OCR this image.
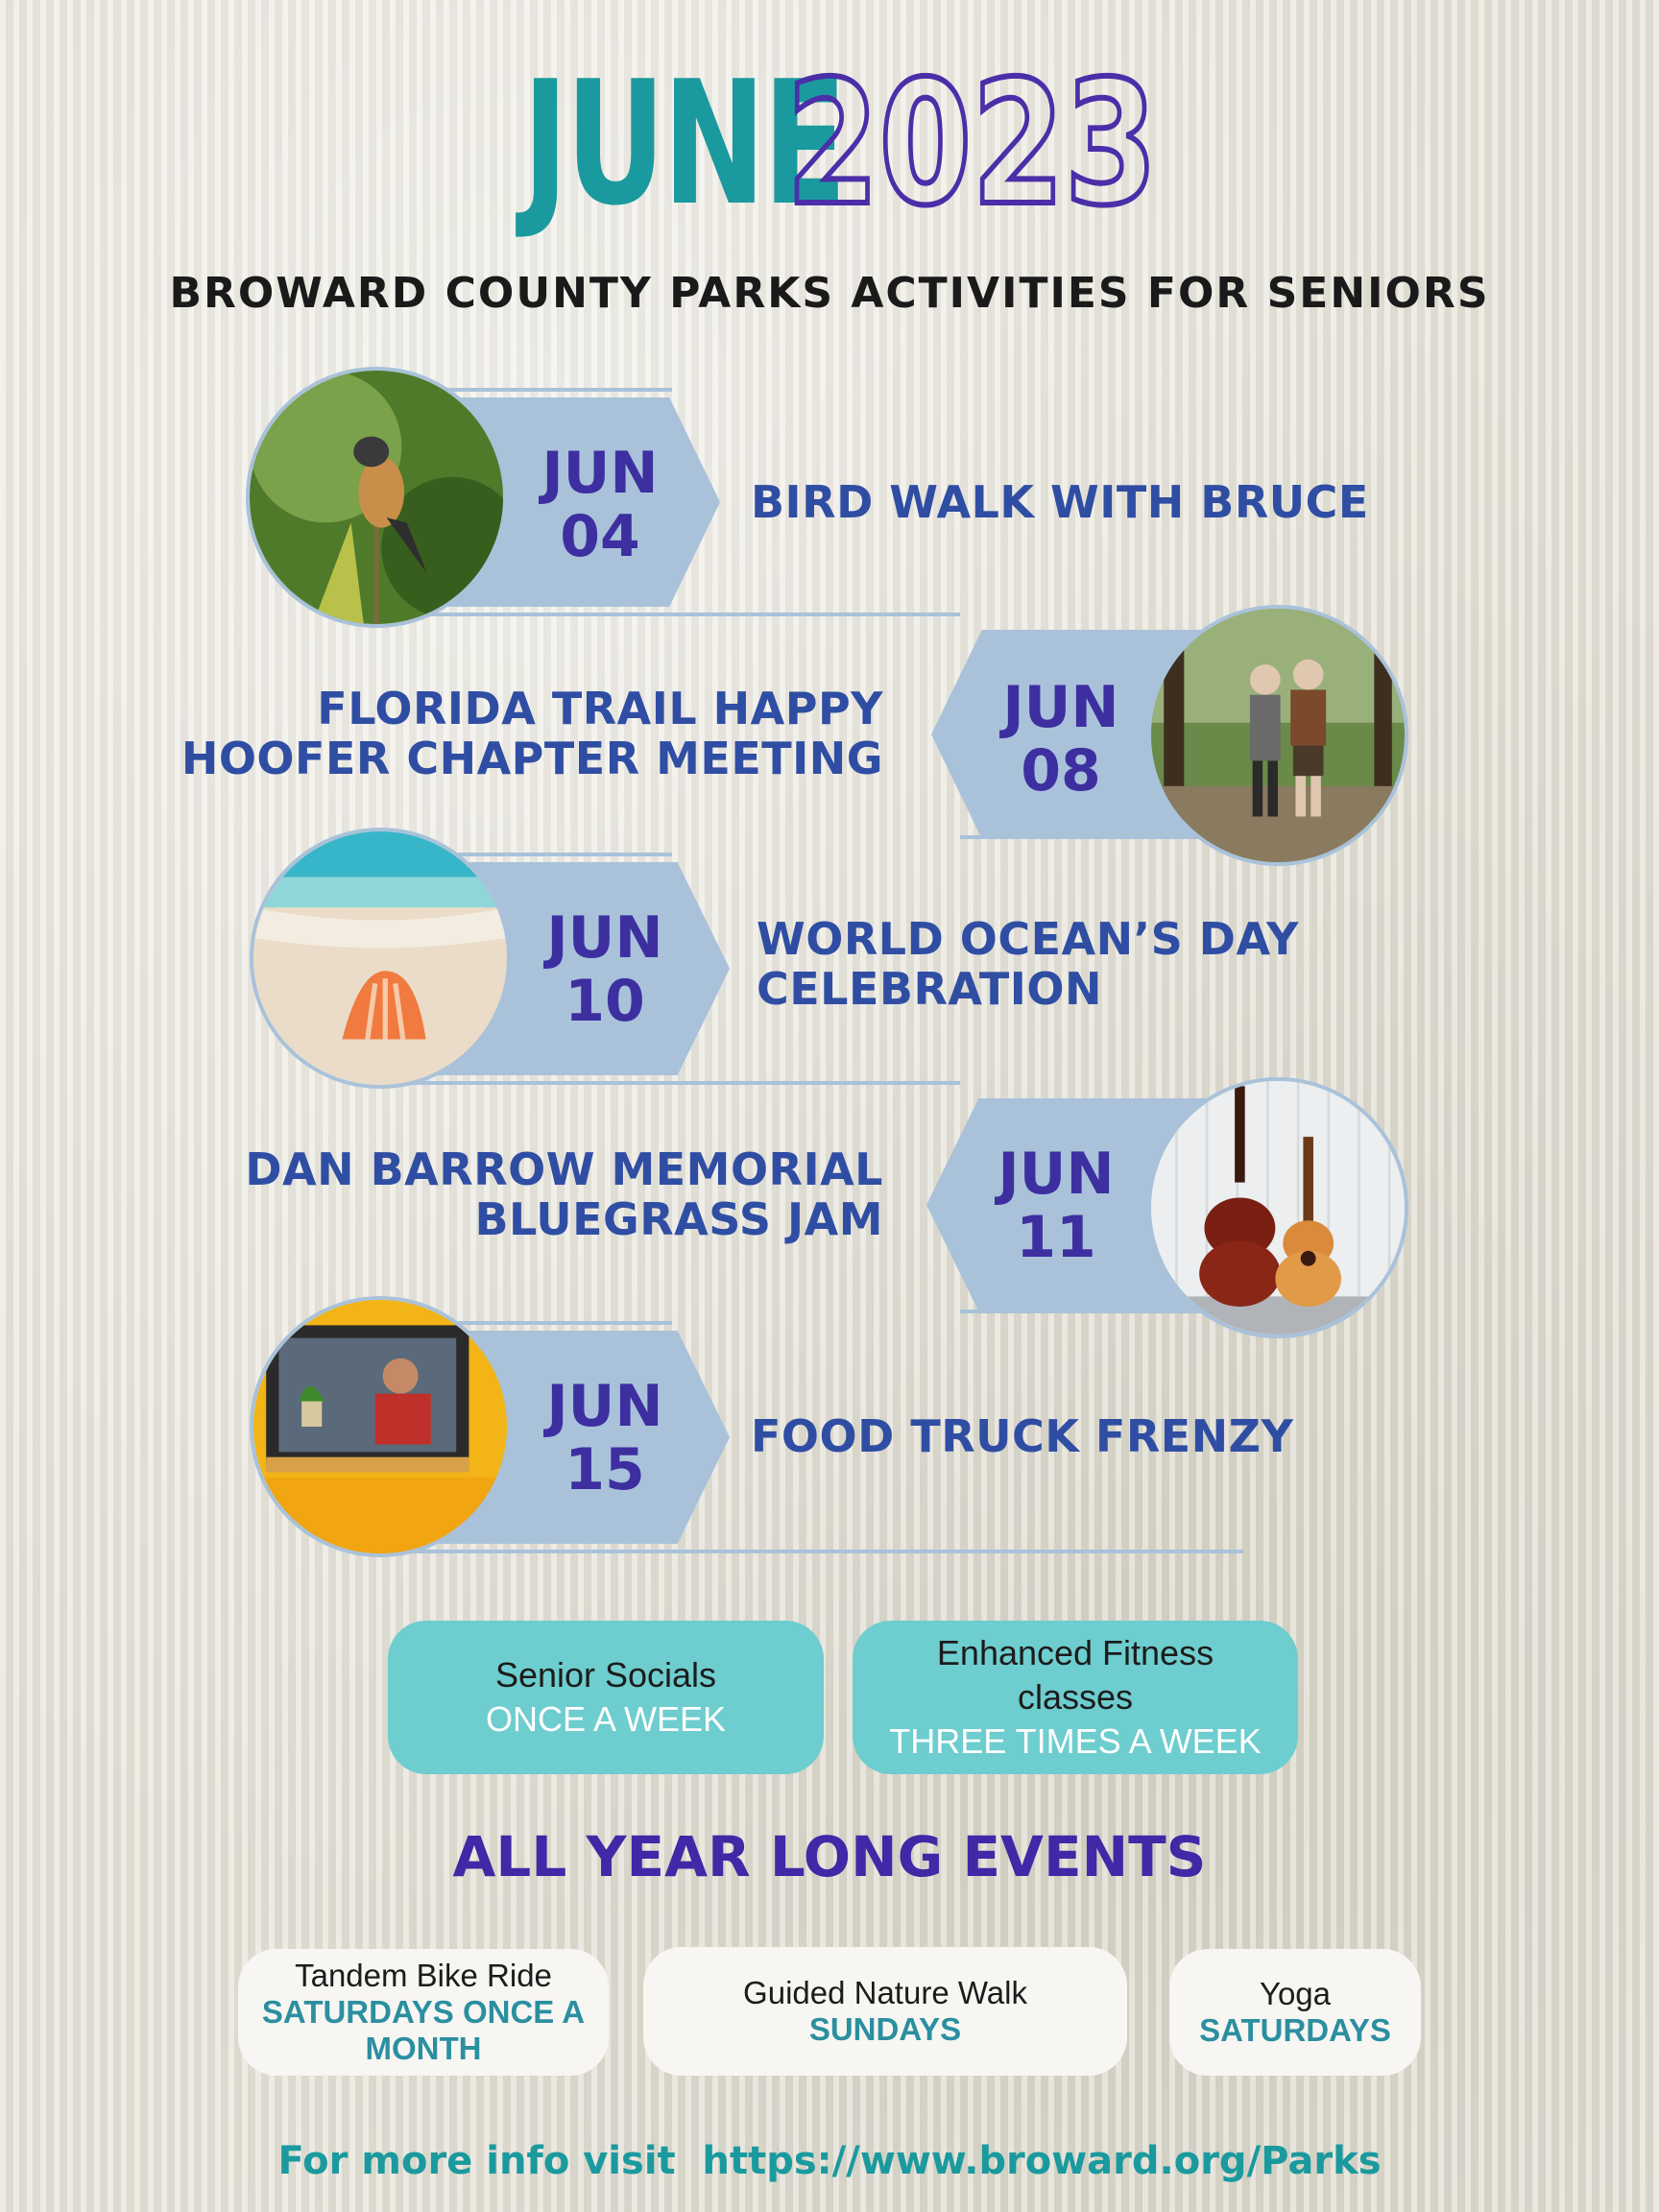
JUNE2023
BROWARD COUNTY PARKS ACTIVITIES FOR SENIORS
JUN
04
BIRD WALK WITH BRUCE
JUN
08
FLORIDA TRAIL HAPPY
HOOFER CHAPTER MEETING
JUN
10
WORLD OCEAN’S DAY
CELEBRATION
JUN
11
DAN BARROW MEMORIAL
BLUEGRASS JAM
JUN
15	FOOD TRUCK FRENZY
Senior Socials
ONCE A WEEK
Enhanced Fitness
classes
THREE TIMES A WEEK
ALL YEAR LONG EVENTS
Tandem Bike Ride
SATURDAYS ONCE A
MONTH
Guided Nature Walk
SUNDAYS
Yoga
SATURDAYS
For more info visit https://www.broward.org/Parks
